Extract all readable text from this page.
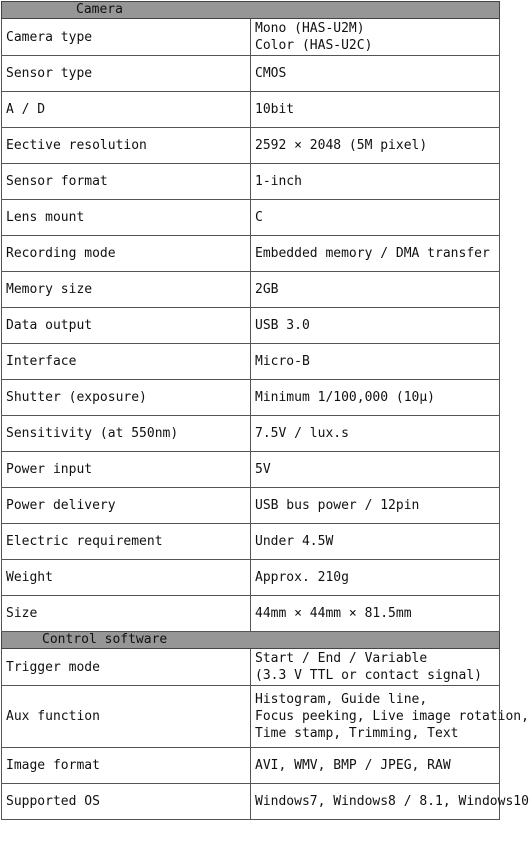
Camera	
Camera type	Mono (HAS-U2M)
Color (HAS-U2C)

Sensor type	CMOS

A / D	10bit

Eective resolution	2592 × 2048 (5M pixel)

Sensor format	1-inch

Lens mount	C

Recording mode	Embedded memory / DMA transfer

Memory size	2GB

Data output	USB 3.0

Interface	Micro-B

Shutter (exposure)	Minimum 1/100,000 (10μ)

Sensitivity (at 550nm)	7.5V / lux.s

Power input	5V

Power delivery	USB bus power / 12pin

Electric requirement	Under 4.5W

Weight	Approx. 210g

Size	44mm × 44mm × 81.5mm

Control software	
Trigger mode	Start / End / Variable
(3.3 V TTL or contact signal)

Aux function	Histogram, Guide line,
Focus peeking, Live image rotation,
Time stamp, Trimming, Text

Image format	AVI, WMV, BMP / JPEG, RAW

Supported OS	Windows7, Windows8 / 8.1, Windows10
